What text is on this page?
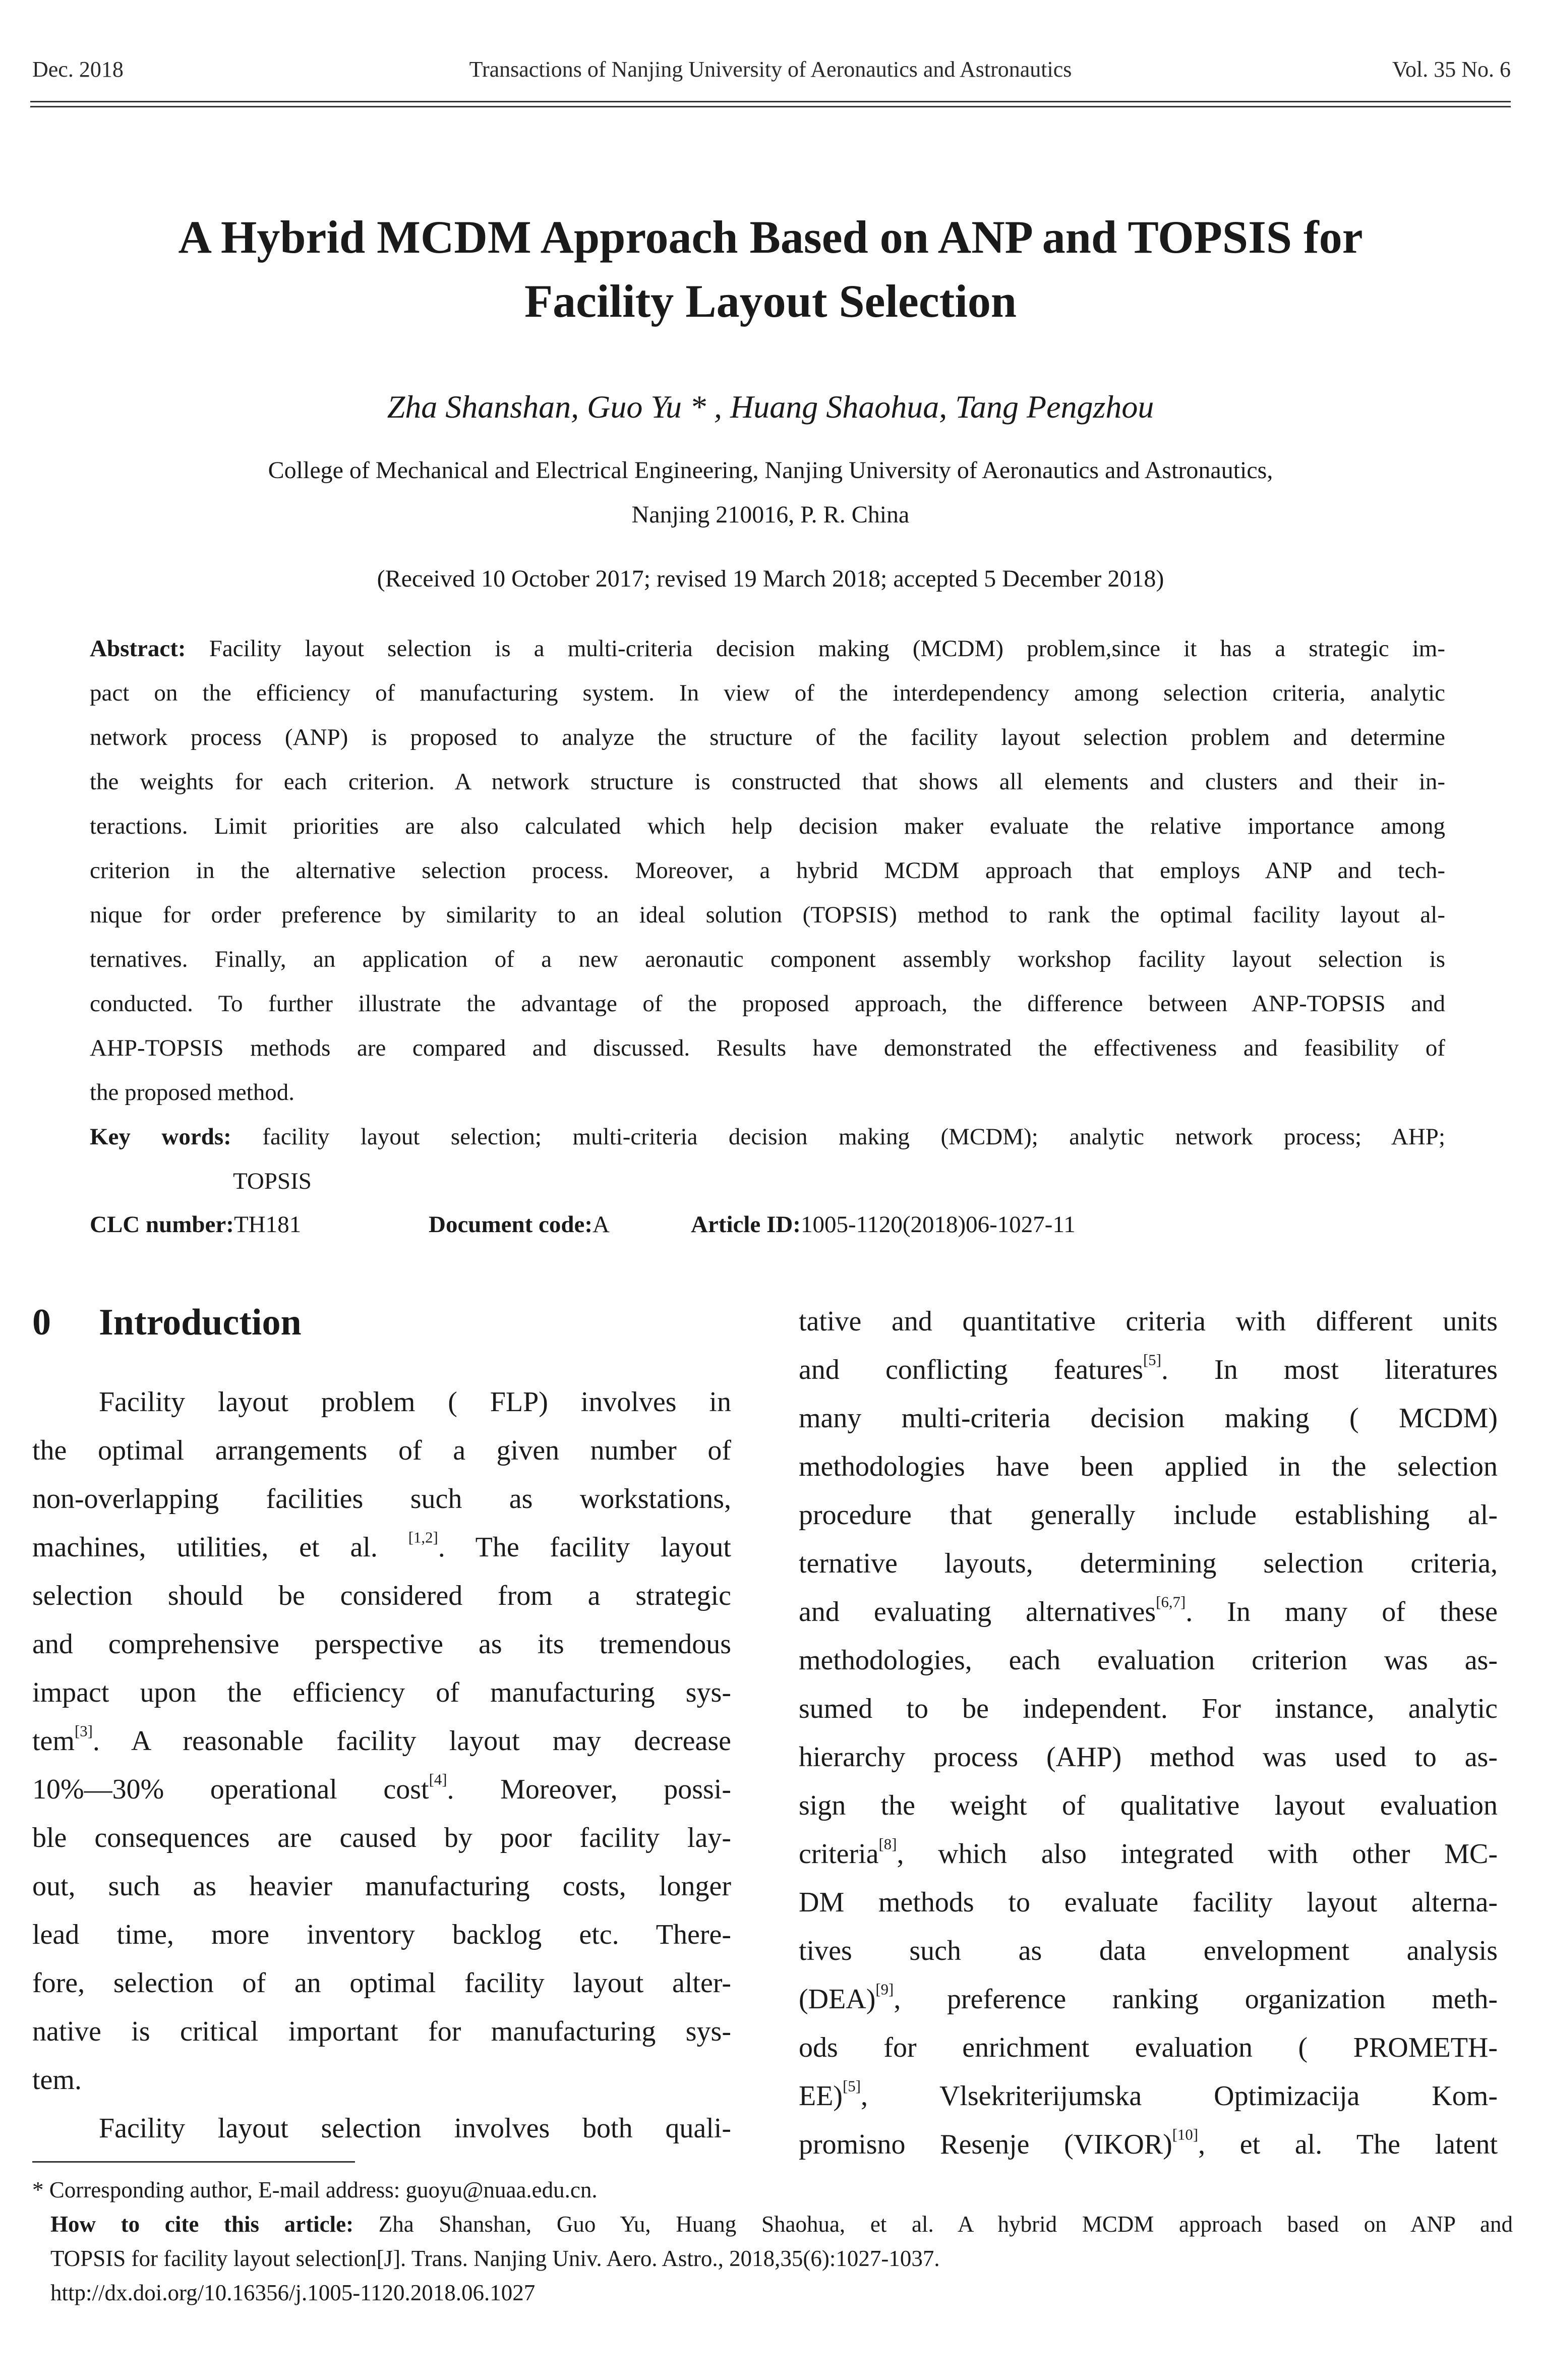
Dec. 2018	Transactions of Nanjing University of Aeronautics and Astronautics	Vol. 35 No. 6
A Hybrid MCDM Approach Based on ANP and TOPSIS for
Facility Layout Selection
Zha Shanshan, Guo Yu * , Huang Shaohua, Tang Pengzhou
College of Mechanical and Electrical Engineering, Nanjing University of Aeronautics and Astronautics,
Nanjing 210016, P. R. China
(Received 10 October 2017; revised 19 March 2018; accepted 5 December 2018)
Abstract: Facility layout selection is a multi-criteria decision making (MCDM) problem,since it has a strategic im-
pact on the efficiency of manufacturing system. In view of the interdependency among selection criteria, analytic
network process (ANP) is proposed to analyze the structure of the facility layout selection problem and determine
the weights for each criterion. A network structure is constructed that shows all elements and clusters and their in-
teractions. Limit priorities are also calculated which help decision maker evaluate the relative importance among
criterion in the alternative selection process. Moreover, a hybrid MCDM approach that employs ANP and tech-
nique for order preference by similarity to an ideal solution (TOPSIS) method to rank the optimal facility layout al-
ternatives. Finally, an application of a new aeronautic component assembly workshop facility layout selection is
conducted. To further illustrate the advantage of the proposed approach, the difference between ANP-TOPSIS and
AHP-TOPSIS methods are compared and discussed. Results have demonstrated the effectiveness and feasibility of
the proposed method.
Key words: facility layout selection; multi-criteria decision making (MCDM); analytic network process; AHP;
TOPSIS
CLC number:TH181	Document code:A	Article ID:1005-1120(2018)06-1027-11
0 Introduction
Facility layout problem ( FLP) involves in
the optimal arrangements of a given number of
non-overlapping facilities such as workstations,
machines, utilities, et al. [1,2]. The facility layout
selection should be considered from a strategic
and comprehensive perspective as its tremendous
impact upon the efficiency of manufacturing sys-
tem[3]. A reasonable facility layout may decrease
10%—30% operational cost[4]. Moreover, possi-
ble consequences are caused by poor facility lay-
out, such as heavier manufacturing costs, longer
lead time, more inventory backlog etc. There-
fore, selection of an optimal facility layout alter-
native is critical important for manufacturing sys-
tem.
Facility layout selection involves both quali-
tative and quantitative criteria with different units
and conflicting features[5]. In most literatures
many multi-criteria decision making ( MCDM)
methodologies have been applied in the selection
procedure that generally include establishing al-
ternative layouts, determining selection criteria,
and evaluating alternatives[6,7]. In many of these
methodologies, each evaluation criterion was as-
sumed to be independent. For instance, analytic
hierarchy process (AHP) method was used to as-
sign the weight of qualitative layout evaluation
criteria[8], which also integrated with other MC-
DM methods to evaluate facility layout alterna-
tives such as data envelopment analysis
(DEA)[9], preference ranking organization meth-
ods for enrichment evaluation ( PROMETH-
EE)[5], Vlsekriterijumska Optimizacija Kom-
promisno Resenje (VIKOR)[10], et al. The latent
* Corresponding author, E-mail address: guoyu@nuaa.edu.cn.
How to cite this article: Zha Shanshan, Guo Yu, Huang Shaohua, et al. A hybrid MCDM approach based on ANP and
TOPSIS for facility layout selection[J]. Trans. Nanjing Univ. Aero. Astro., 2018,35(6):1027-1037.
http://dx.doi.org/10.16356/j.1005-1120.2018.06.1027
